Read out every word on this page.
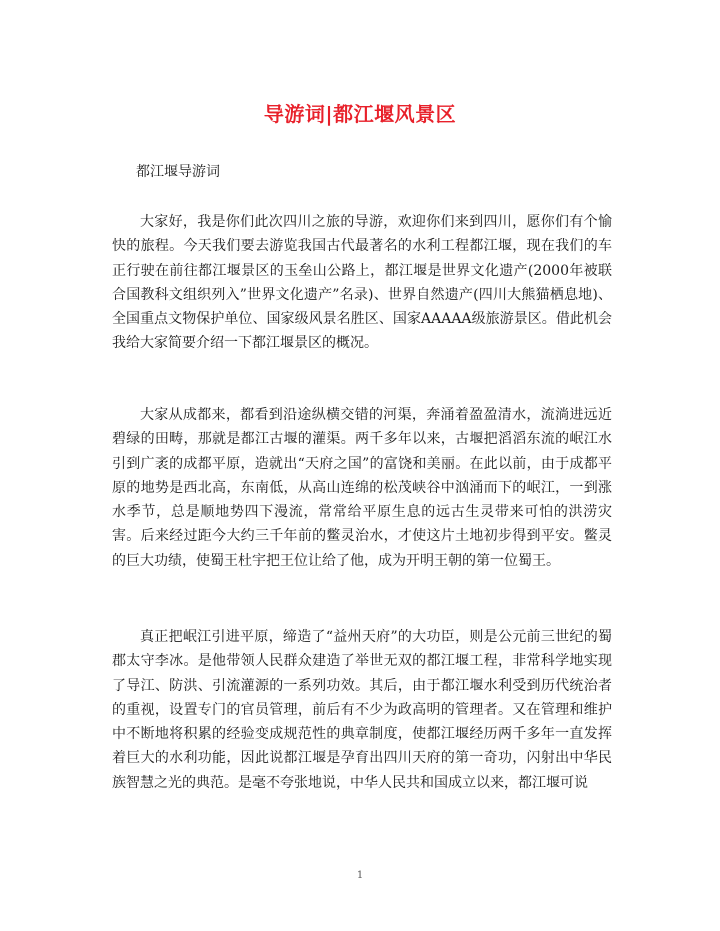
导游词|都江堰风景区
都江堰导游词

大家好，我是你们此次四川之旅的导游，欢迎你们来到四川，愿你们有个愉快的旅程。今天我们要去游览我国古代最著名的水利工程都江堰，现在我们的车正行驶在前往都江堰景区的玉垒山公路上，都江堰是世界文化遗产(2000年被联合国教科文组织列入”世界文化遗产”名录)、世界自然遗产(四川大熊猫栖息地)、全国重点文物保护单位、国家级风景名胜区、国家AAAAA级旅游景区。借此机会我给大家简要介绍一下都江堰景区的概况。

大家从成都来，都看到沿途纵横交错的河渠，奔涌着盈盈清水，流淌进远近碧绿的田畴，那就是都江古堰的灌渠。两千多年以来，古堰把滔滔东流的岷江水引到广袤的成都平原，造就出“天府之国”的富饶和美丽。在此以前，由于成都平原的地势是西北高，东南低，从高山连绵的松茂峡谷中汹涌而下的岷江，一到涨水季节，总是顺地势四下漫流，常常给平原生息的远古生灵带来可怕的洪涝灾害。后来经过距今大约三千年前的鳖灵治水，才使这片土地初步得到平安。鳖灵的巨大功绩，使蜀王杜宇把王位让给了他，成为开明王朝的第一位蜀王。

真正把岷江引进平原，缔造了“益州天府”的大功臣，则是公元前三世纪的蜀郡太守李冰。是他带领人民群众建造了举世无双的都江堰工程，非常科学地实现了导江、防洪、引流灌源的一系列功效。其后，由于都江堰水利受到历代统治者的重视，设置专门的官员管理，前后有不少为政高明的管理者。又在管理和维护中不断地将积累的经验变成规范性的典章制度，使都江堰经历两千多年一直发挥着巨大的水利功能，因此说都江堰是孕育出四川天府的第一奇功，闪射出中华民族智慧之光的典范。是毫不夸张地说，中华人民共和国成立以来，都江堰可说

1
